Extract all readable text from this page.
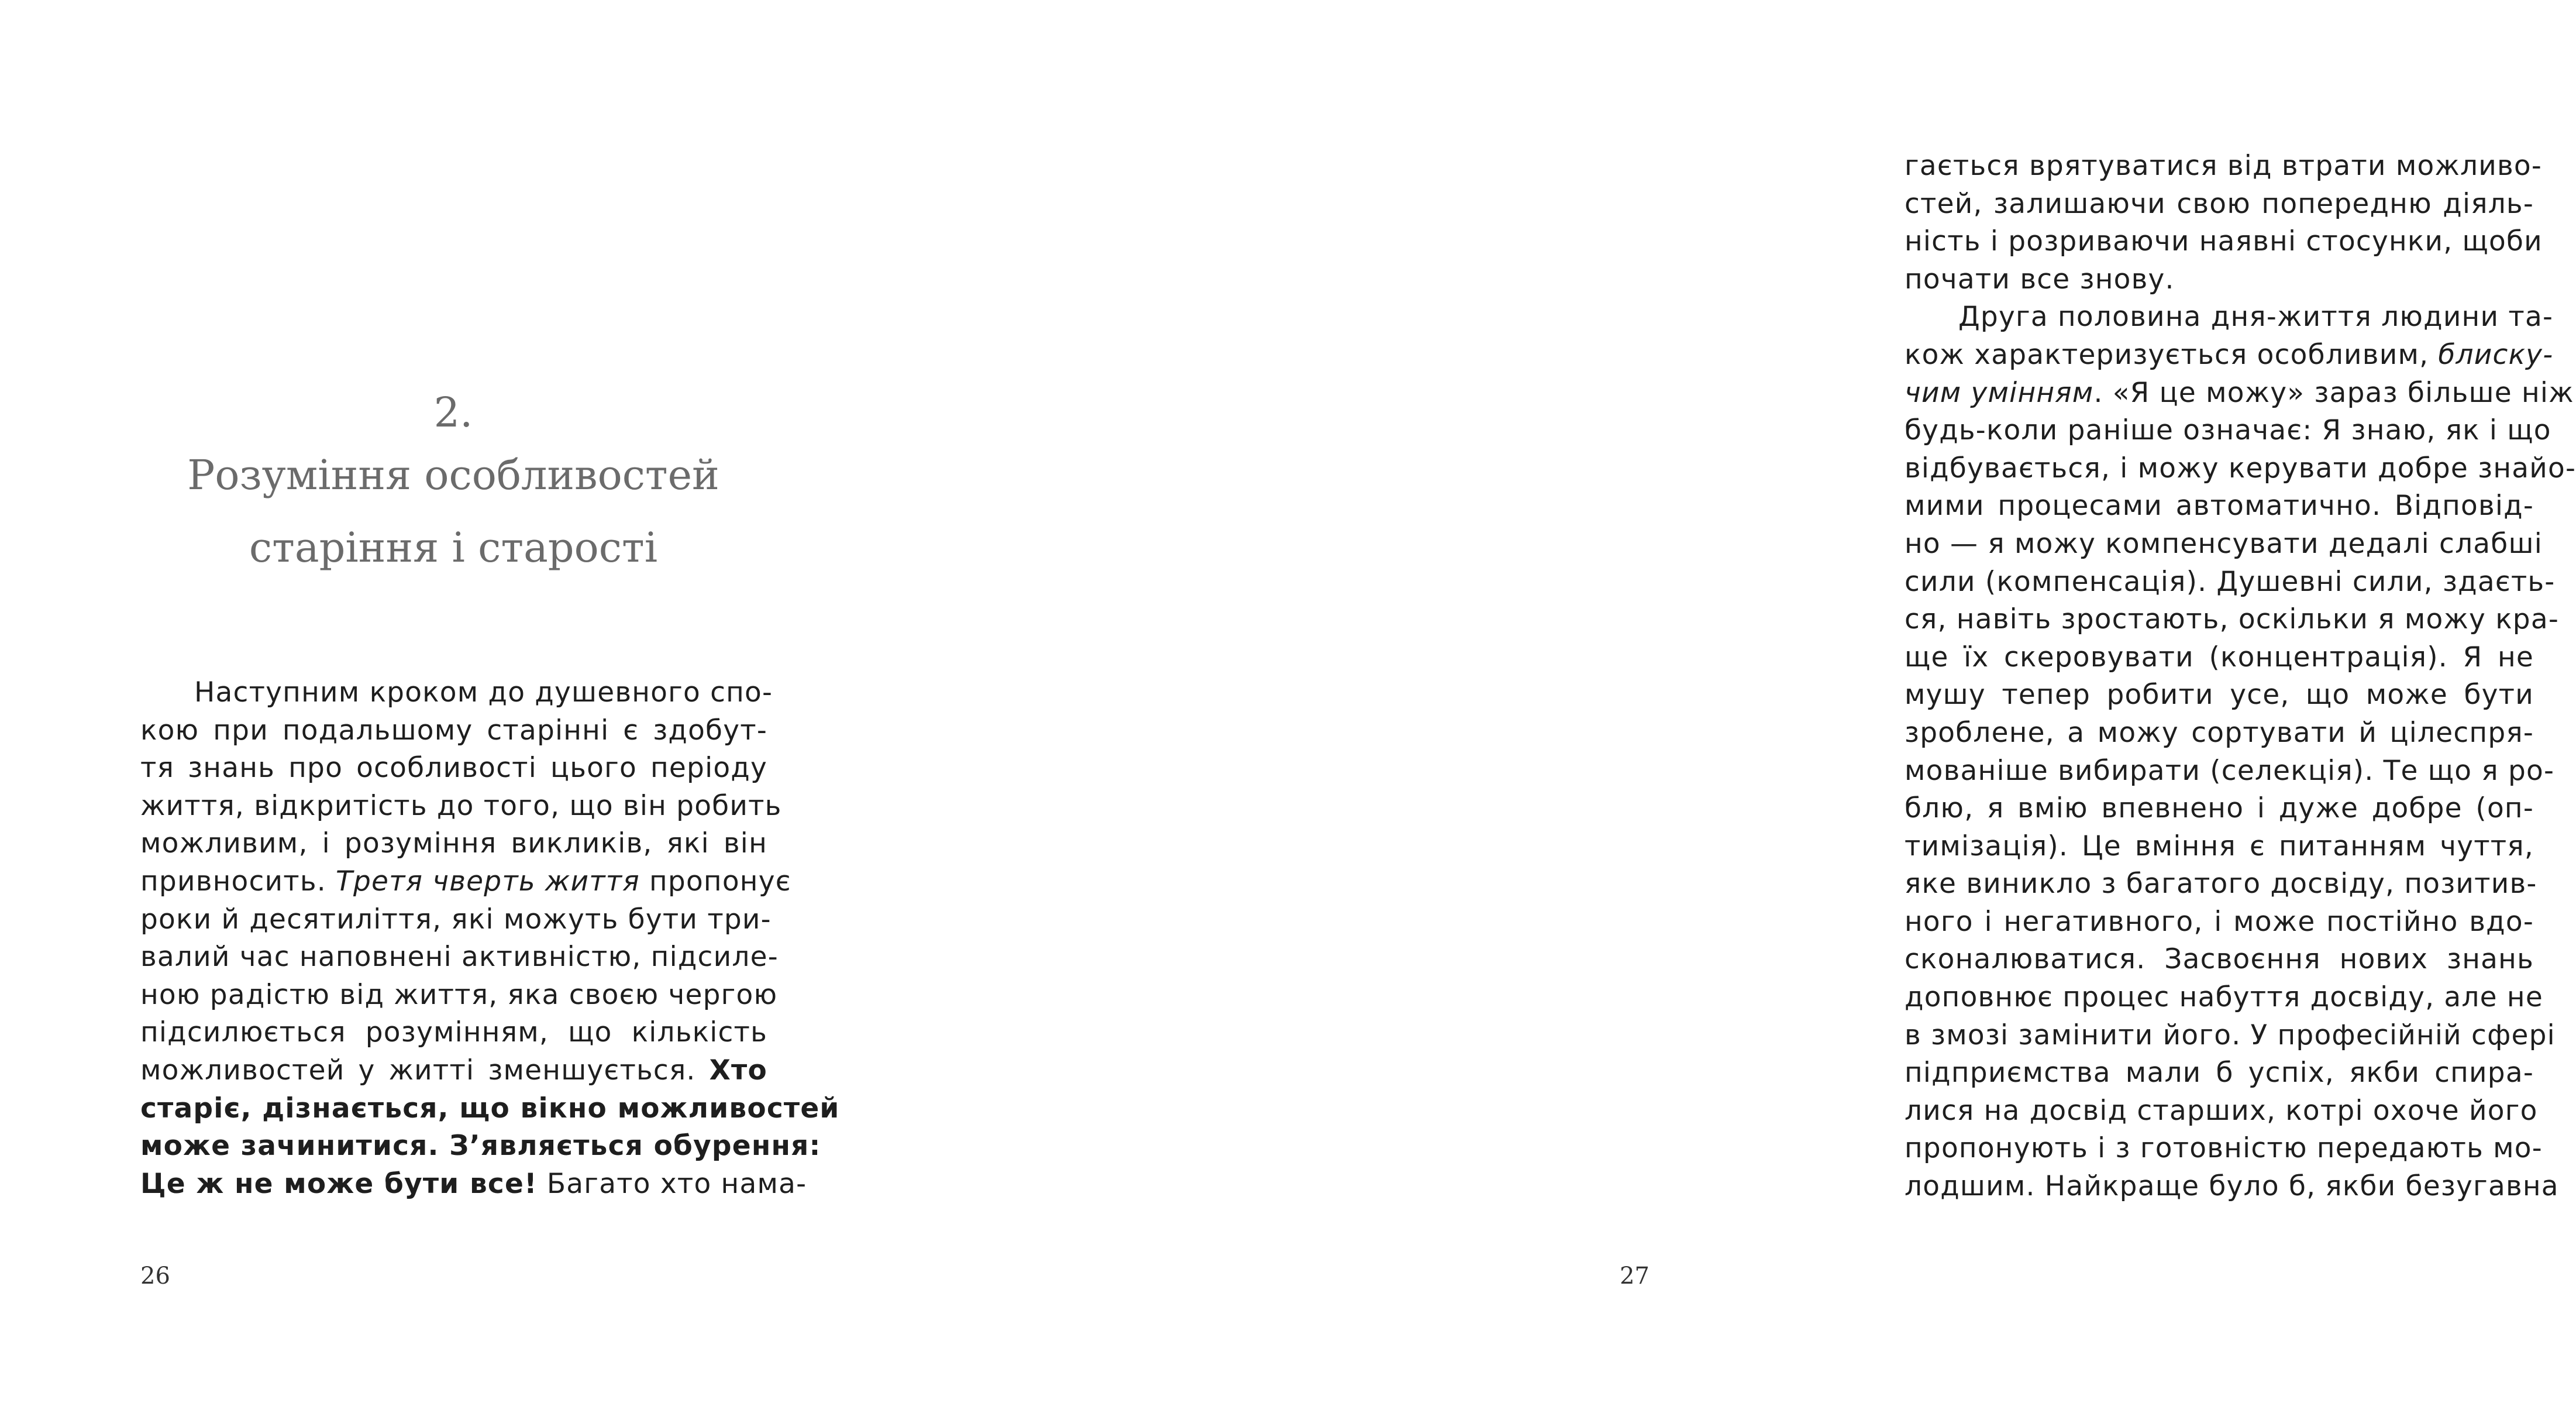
2.
Розуміння особливостей
старіння і старості
Наступним кроком до душевного спо-
кою при подальшому старінні є здобут-
тя знань про особливості цього періоду
життя, відкритість до того, що він робить
можливим, і розуміння викликів, які він
привносить. Третя чверть життя пропонує
роки й десятиліття, які можуть бути три-
валий час наповнені активністю, підсиле-
ною радістю від життя, яка своєю чергою
підсилюється розумінням, що кількість
можливостей у житті зменшується. Хто
старіє, дізнається, що вікно можливостей
може зачинитися. З’являється обурення:
Це ж не може бути все! Багато хто нама-
26
гається врятуватися від втрати можливо-
стей, залишаючи свою попередню діяль-
ність і розриваючи наявні стосунки, щоби
почати все знову.
Друга половина дня-життя людини та-
кож характеризується особливим, блиску-
чим умінням. «Я це можу» зараз більше ніж
будь-коли раніше означає: Я знаю, як і що
відбувається, і можу керувати добре знайо-
мими процесами автоматично. Відповід-
но — я можу компенсувати дедалі слабші
сили (компенсація). Душевні сили, здаєть-
ся, навіть зростають, оскільки я можу кра-
ще їх скеровувати (концентрація). Я не
мушу тепер робити усе, що може бути
зроблене, а можу сортувати й цілеспря-
мованіше вибирати (селекція). Те що я ро-
блю, я вмію впевнено і дуже добре (оп-
тимізація). Це вміння є питанням чуття,
яке виникло з багатого досвіду, позитив-
ного і негативного, і може постійно вдо-
сконалюватися. Засвоєння нових знань
доповнює процес набуття досвіду, але не
в змозі замінити його. У професійній сфері
підприємства мали б успіх, якби спира-
лися на досвід старших, котрі охоче його
пропонують і з готовністю передають мо-
лодшим. Найкраще було б, якби безугавна
27
